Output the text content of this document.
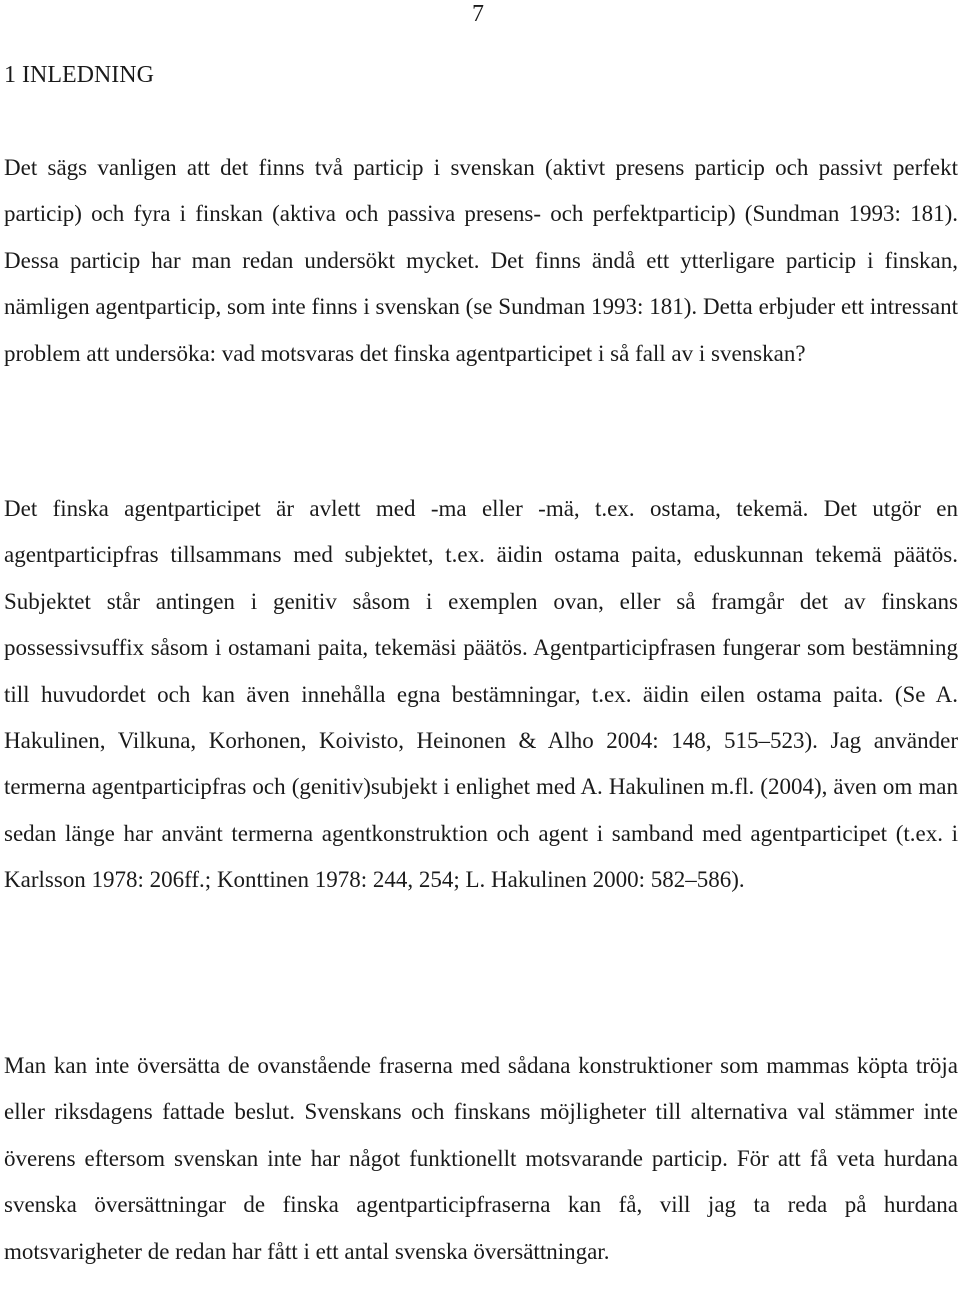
7
1 INLEDNING

Det sägs vanligen att det finns två particip i svenskan (aktivt presens particip och passivt perfekt particip) och fyra i finskan (aktiva och passiva presens- och perfektparticip) (Sundman 1993: 181). Dessa particip har man redan undersökt mycket. Det finns ändå ett ytterligare particip i finskan, nämligen agentparticip, som inte finns i svenskan (se Sundman 1993: 181). Detta erbjuder ett intressant problem att undersöka: vad motsvaras det finska agentparticipet i så fall av i svenskan?

Det finska agentparticipet är avlett med -ma eller -mä, t.ex. ostama, tekemä. Det utgör en agentparticipfras tillsammans med subjektet, t.ex. äidin ostama paita, eduskunnan tekemä päätös. Subjektet står antingen i genitiv såsom i exemplen ovan, eller så framgår det av finskans possessivsuffix såsom i ostamani paita, tekemäsi päätös. Agentparticipfrasen fungerar som bestämning till huvudordet och kan även innehålla egna bestämningar, t.ex. äidin eilen ostama paita. (Se A. Hakulinen, Vilkuna, Korhonen, Koivisto, Heinonen & Alho 2004: 148, 515–523). Jag använder termerna agentparticipfras och (genitiv)subjekt i enlighet med A. Hakulinen m.fl. (2004), även om man sedan länge har använt termerna agentkonstruktion och agent i samband med agentparticipet (t.ex. i Karlsson 1978: 206ff.; Konttinen 1978: 244, 254; L. Hakulinen 2000: 582–586).

Man kan inte översätta de ovanstående fraserna med sådana konstruktioner som mammas köpta tröja eller riksdagens fattade beslut. Svenskans och finskans möjligheter till alternativa val stämmer inte överens eftersom svenskan inte har något funktionellt motsvarande particip. För att få veta hurdana svenska översättningar de finska agentparticipfraserna kan få, vill jag ta reda på hurdana motsvarigheter de redan har fått i ett antal svenska översättningar.
